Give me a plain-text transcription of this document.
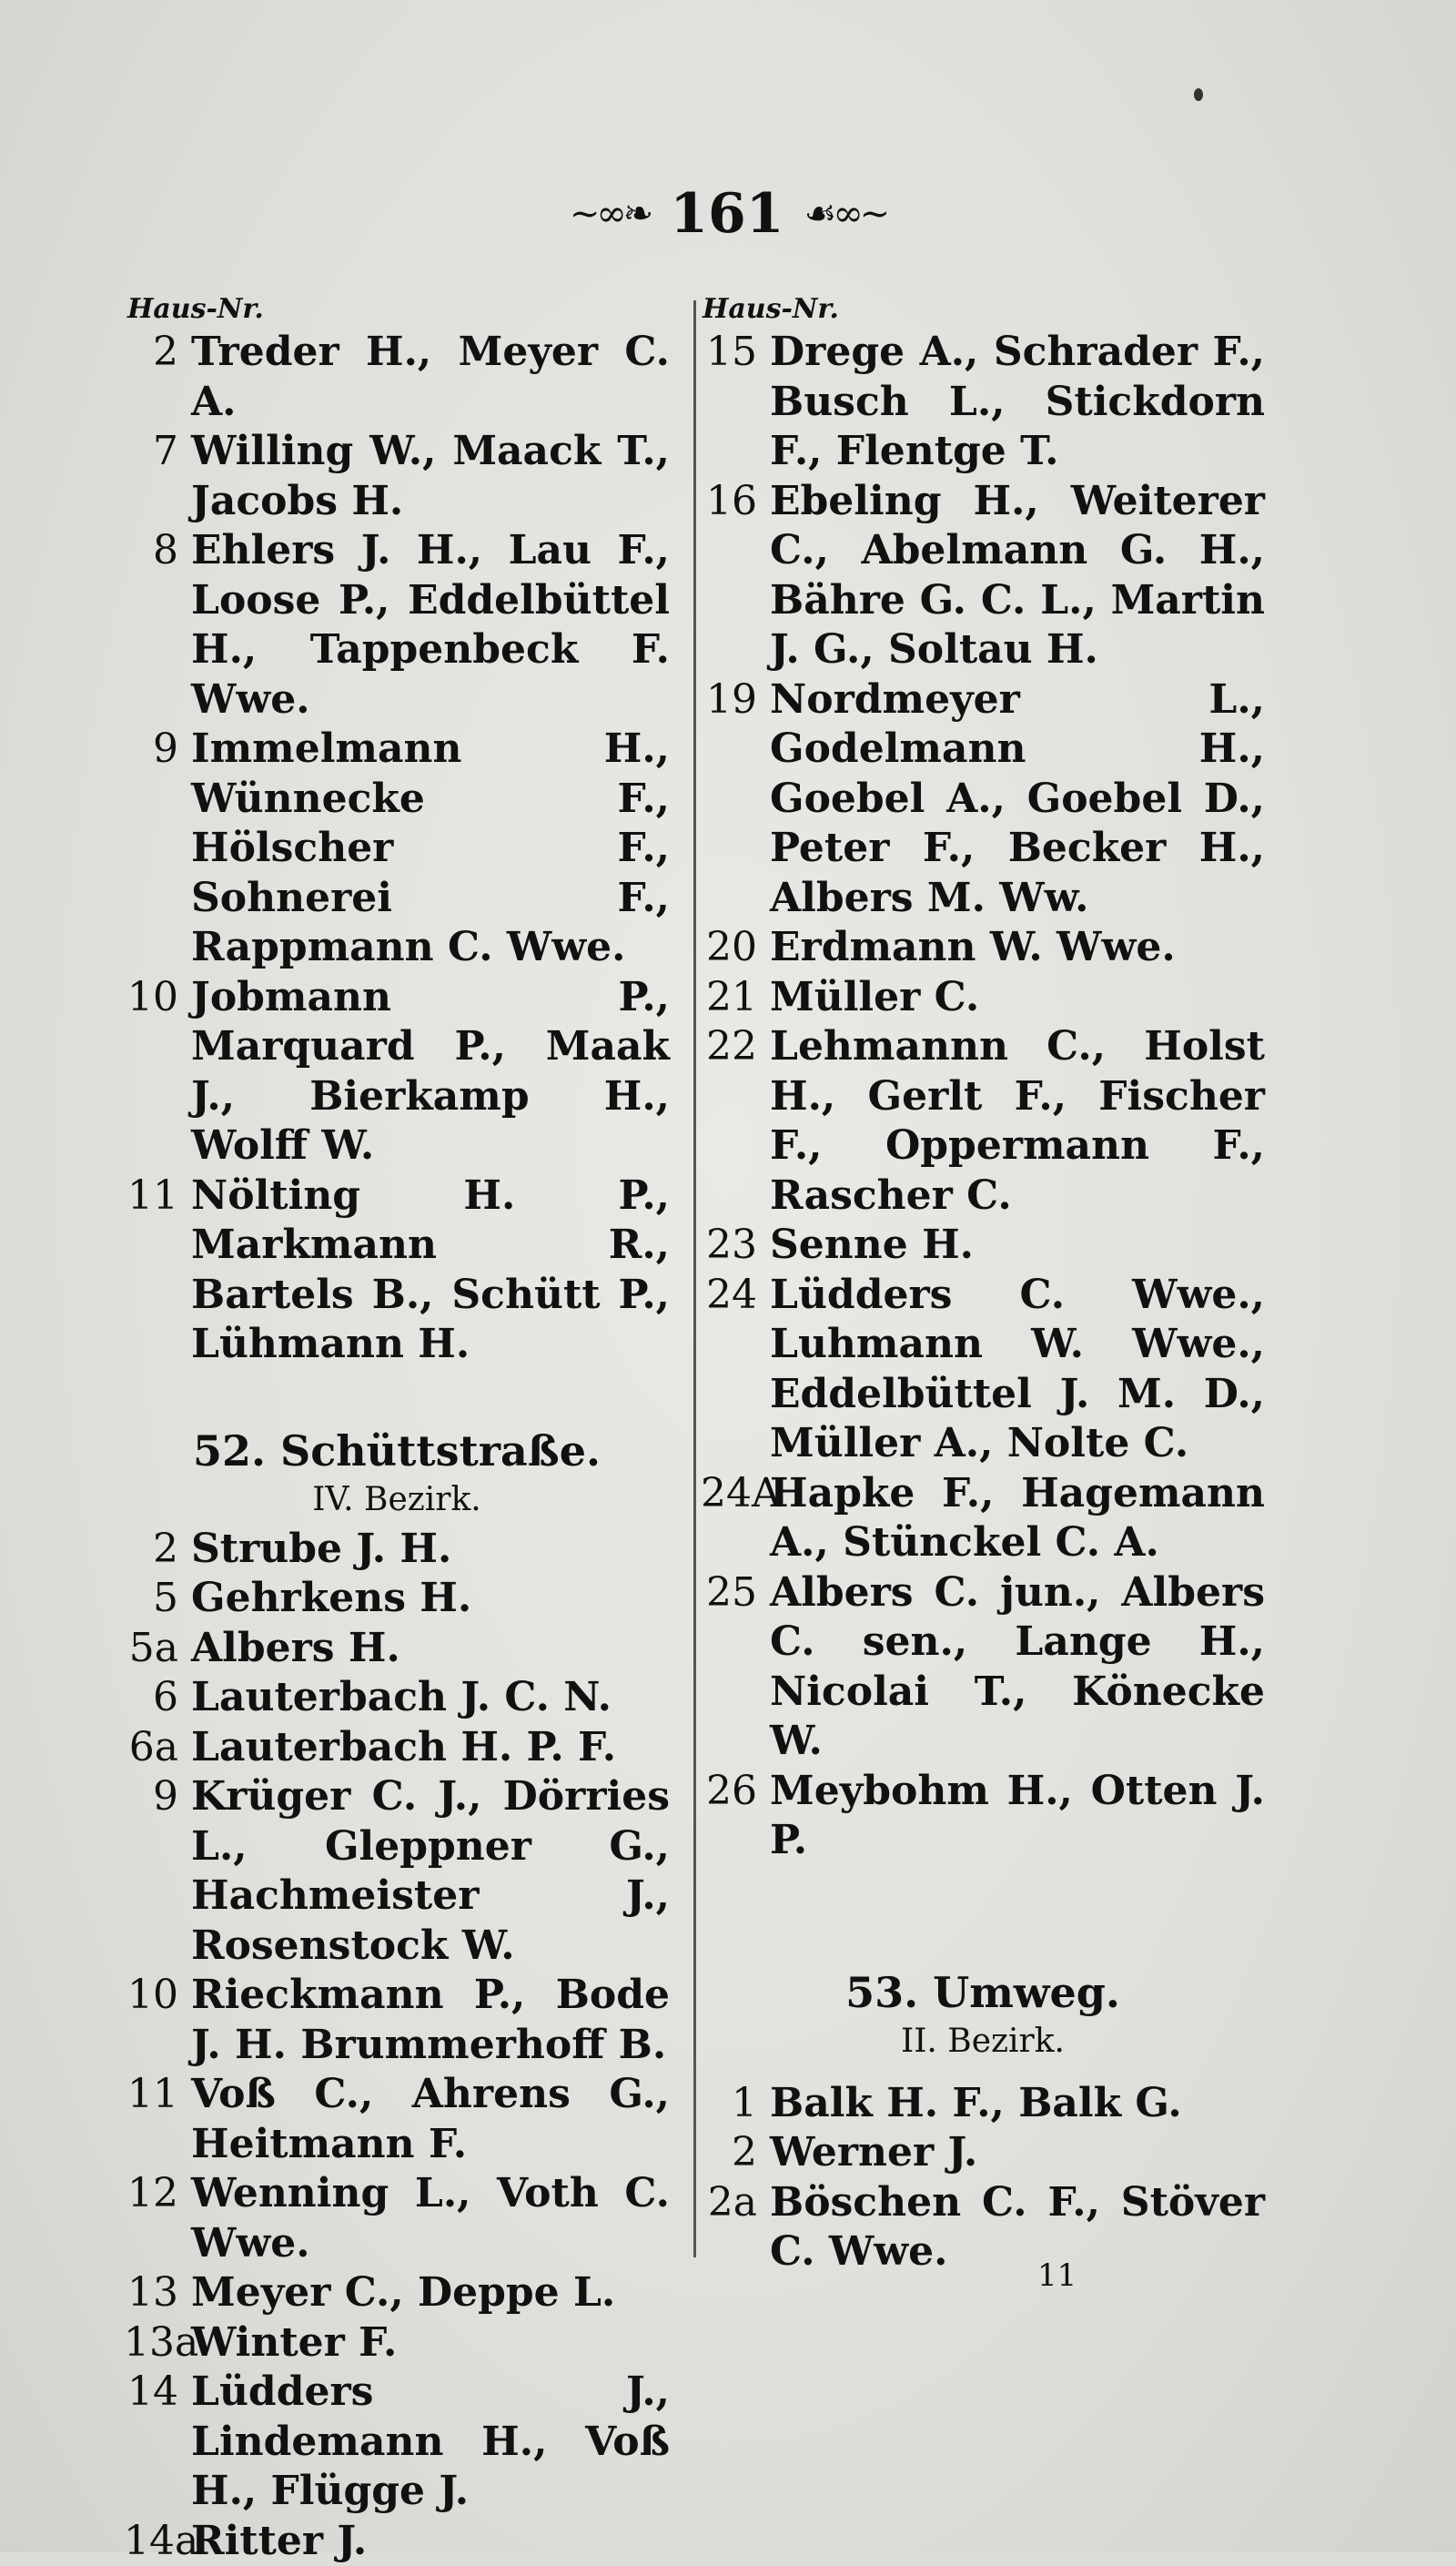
~∞❧ 161 ☙∞~
Haus-Nr.	Haus-Nr.
2 Treder H., Meyer C. A.
7 Willing W., Maack T., Jacobs H.
8 Ehlers J. H., Lau F., Loose P., Eddelbüttel H., Tappenbeck F. Wwe.
9 Immelmann H., Wünnecke F., Hölscher F., Sohnerei F., Rappmann C. Wwe.
10 Jobmann P., Marquard P., Maak J., Bierkamp H., Wolff W.
11 Nölting H. P., Markmann R., Bartels B., Schütt P., Lühmann H.
52. Schüttstraße.
IV. Bezirk.
2 Strube J. H.
5 Gehrkens H.
5a Albers H.
6 Lauterbach J. C. N.
6a Lauterbach H. P. F.
9 Krüger C. J., Dörries L., Gleppner G., Hachmeister J., Rosenstock W.
10 Rieckmann P., Bode J. H. Brummerhoff B.
11 Voß C., Ahrens G., Heitmann F.
12 Wenning L., Voth C. Wwe.
13 Meyer C., Deppe L.
13a
Winter F.
14 Lüdders J., Lindemann H., Voß H., Flügge J.
14a
Ritter J.
15 Drege A., Schrader F., Busch L., Stickdorn F., Flentge T.
16 Ebeling H., Weiterer C., Abelmann G. H., Bähre G. C. L., Martin J. G., Soltau H.
19 Nordmeyer L., Godelmann H., Goebel A., Goebel D., Peter F., Becker H., Albers M. Ww.
20 Erdmann W. Wwe.
21 Müller C.
22 Lehmannn C., Holst H., Gerlt F., Fischer F., Oppermann F., Rascher C.
23 Senne H.
24 Lüdders C. Wwe., Luhmann W. Wwe., Eddelbüttel J. M. D., Müller A., Nolte C.
24A
Hapke F., Hagemann A., Stünckel C. A.
25 Albers C. jun., Albers C. sen., Lange H., Nicolai T., Könecke W.
26 Meybohm H., Otten J. P.
53. Umweg.
II. Bezirk.
1 Balk H. F., Balk G.
2 Werner J.
2a Böschen C. F., Stöver C. Wwe.
11
